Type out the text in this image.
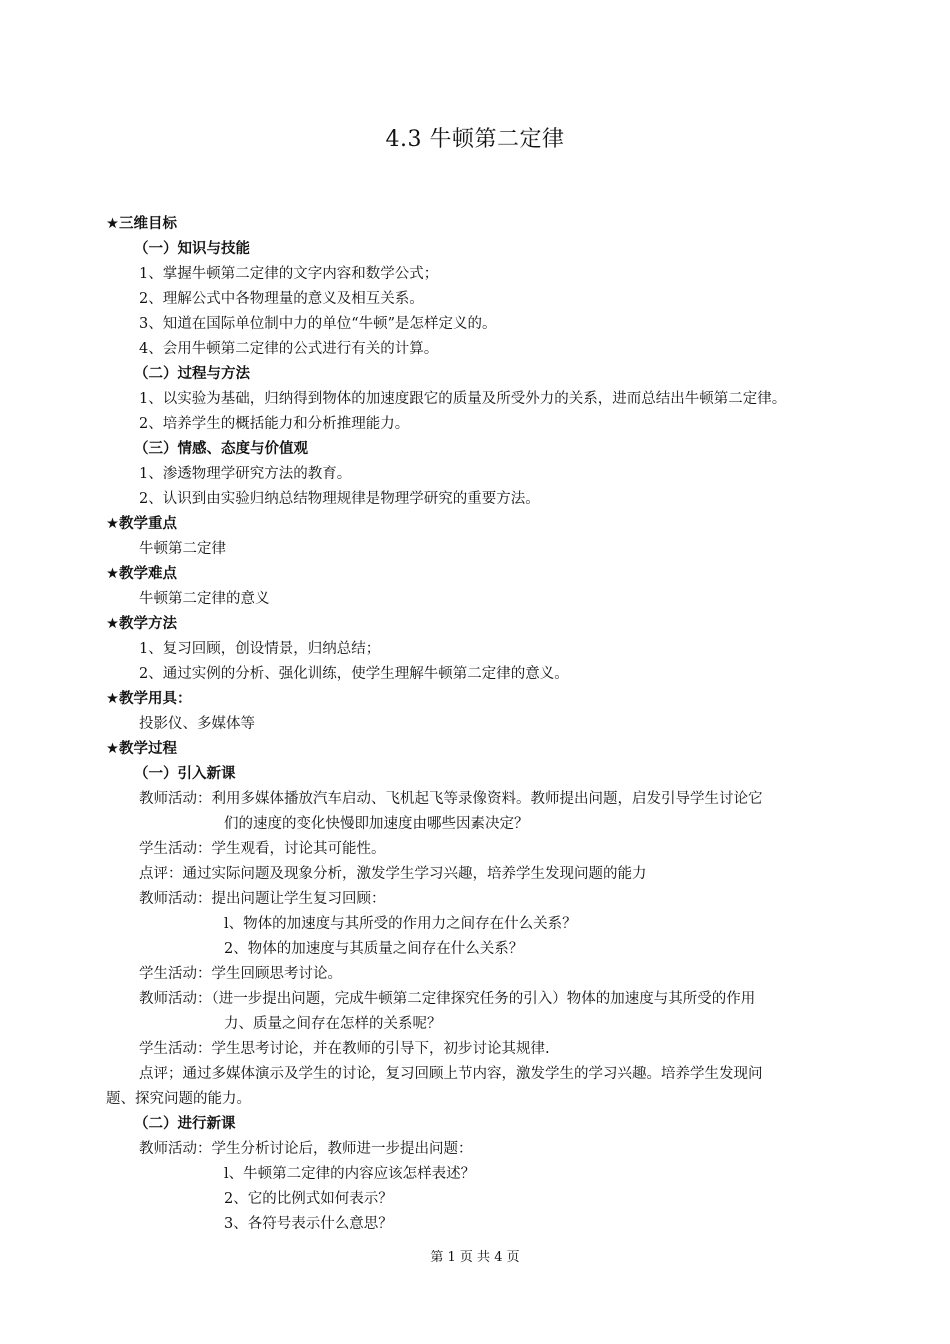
4.3 牛顿第二定律
★三维目标
（一）知识与技能
1、掌握牛顿第二定律的文字内容和数学公式；
2、理解公式中各物理量的意义及相互关系。
3、知道在国际单位制中力的单位“牛顿”是怎样定义的。
4、会用牛顿第二定律的公式进行有关的计算。
（二）过程与方法
1、以实验为基础，归纳得到物体的加速度跟它的质量及所受外力的关系，进而总结出牛顿第二定律。
2、培养学生的概括能力和分析推理能力。
（三）情感、态度与价值观
1、渗透物理学研究方法的教育。
2、认识到由实验归纳总结物理规律是物理学研究的重要方法。
★教学重点
牛顿第二定律
★教学难点
牛顿第二定律的意义
★教学方法
1、复习回顾，创设情景，归纳总结；
2、通过实例的分析、强化训练，使学生理解牛顿第二定律的意义。
★教学用具：
投影仪、多媒体等
★教学过程
（一）引入新课
教师活动：利用多媒体播放汽车启动、飞机起飞等录像资料。教师提出问题，启发引导学生讨论它
们的速度的变化快慢即加速度由哪些因素决定？
学生活动：学生观看，讨论其可能性。
点评：通过实际问题及现象分析，激发学生学习兴趣，培养学生发现问题的能力
教师活动：提出问题让学生复习回顾：
l、物体的加速度与其所受的作用力之间存在什么关系？
2、物体的加速度与其质量之间存在什么关系？
学生活动：学生回顾思考讨论。
教师活动：（进一步提出问题，完成牛顿第二定律探究任务的引入）物体的加速度与其所受的作用
力、质量之间存在怎样的关系呢？
学生活动：学生思考讨论，并在教师的引导下，初步讨论其规律.
点评；通过多媒体演示及学生的讨论，复习回顾上节内容，激发学生的学习兴趣。培养学生发现问
题、探究问题的能力。
（二）进行新课
教师活动：学生分析讨论后，教师进一步提出问题：
l、牛顿第二定律的内容应该怎样表述？
2、它的比例式如何表示？
3、各符号表示什么意思？
第 1 页 共 4 页
